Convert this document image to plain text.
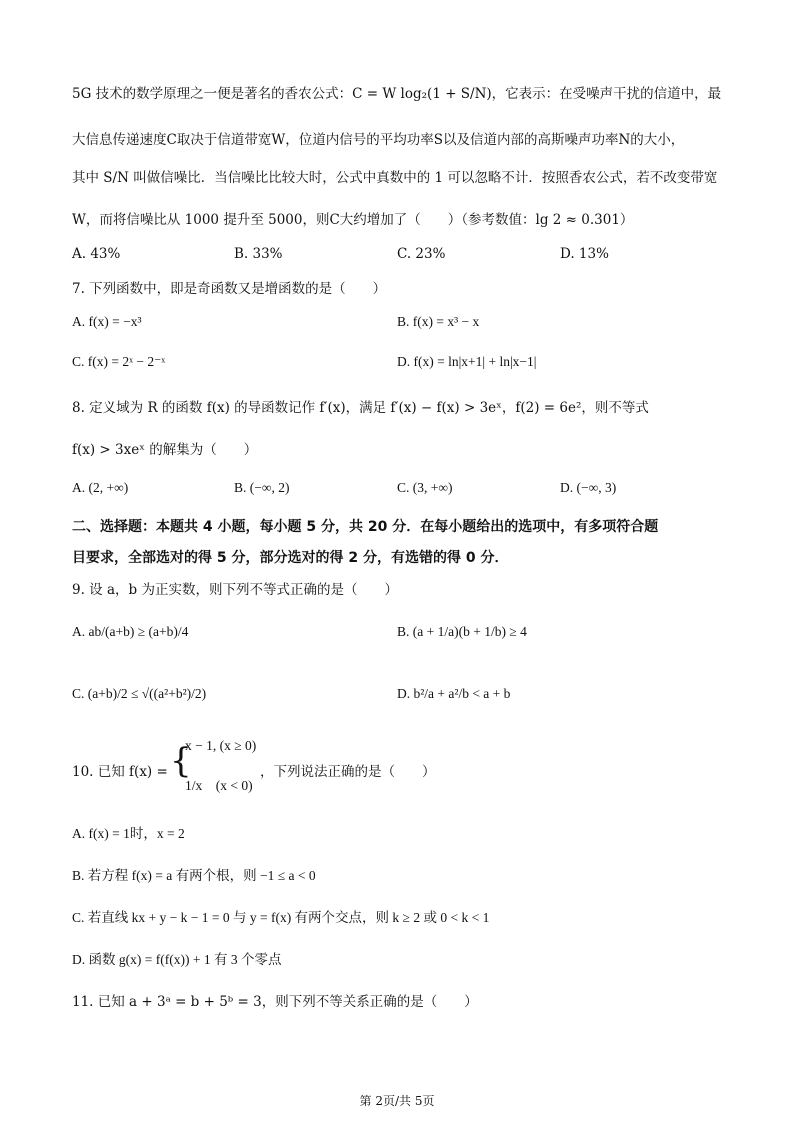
5G 技术的数学原理之一便是著名的香农公式：C = W log₂(1 + S/N)，它表示：在受噪声干扰的信道中，最
大信息传递速度C取决于信道带宽W，位道内信号的平均功率S以及信道内部的高斯噪声功率N的大小，
其中 S/N 叫做信噪比．当信噪比比较大时，公式中真数中的 1 可以忽略不计．按照香农公式，若不改变带宽
W，而将信噪比从 1000 提升至 5000，则C大约增加了（　　）（参考数值：lg 2 ≈ 0.301）
A. 43%	B. 33%	C. 23%	D. 13%
7. 下列函数中，即是奇函数又是增函数的是（　　）
A. f(x) = −x³	B. f(x) = x³ − x
C. f(x) = 2ˣ − 2⁻ˣ	D. f(x) = ln|x+1| + ln|x−1|
8. 定义域为 R 的函数 f(x) 的导函数记作 f′(x)，满足 f′(x) − f(x) > 3eˣ，f(2) = 6e²，则不等式
f(x) > 3xeˣ 的解集为（　　）
A. (2, +∞)	B. (−∞, 2)	C. (3, +∞)	D. (−∞, 3)
二、选择题：本题共 4 小题，每小题 5 分，共 20 分．在每小题给出的选项中，有多项符合题
目要求，全部选对的得 5 分，部分选对的得 2 分，有选错的得 0 分．
9. 设 a，b 为正实数，则下列不等式正确的是（　　）
A. ab/(a+b) ≥ (a+b)/4	B. (a + 1/a)(b + 1/b) ≥ 4
C. (a+b)/2 ≤ √((a²+b²)/2)	D. b²/a + a²/b < a + b
10. 已知 f(x) = {
x − 1, (x ≥ 0)
1/x　(x < 0)
，下列说法正确的是（　　）
A. f(x) = 1时，x = 2
B. 若方程 f(x) = a 有两个根，则 −1 ≤ a < 0
C. 若直线 kx + y − k − 1 = 0 与 y = f(x) 有两个交点，则 k ≥ 2 或 0 < k < 1
D. 函数 g(x) = f(f(x)) + 1 有 3 个零点
11. 已知 a + 3ᵃ = b + 5ᵇ = 3，则下列不等关系正确的是（　　）
第 2页/共 5页
